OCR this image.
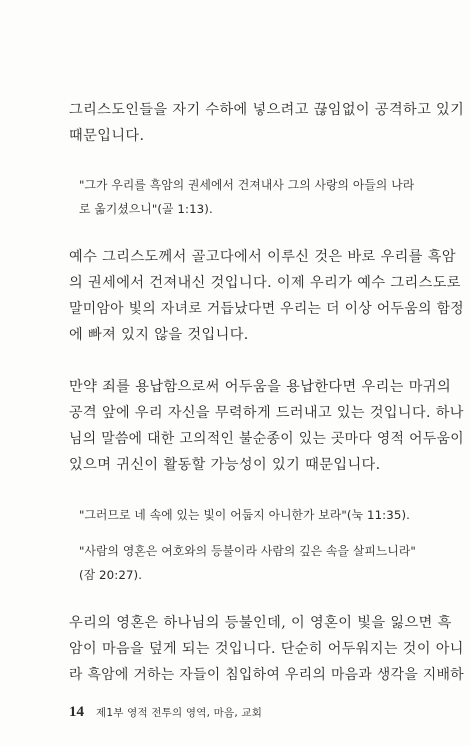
그리스도인들을 자기 수하에 넣으려고 끊임없이 공격하고 있기
때문입니다.
"그가 우리를 흑암의 권세에서 건져내사 그의 사랑의 아들의 나라
로 옮기셨으니"(골 1:13).
예수 그리스도께서 골고다에서 이루신 것은 바로 우리를 흑암
의 권세에서 건져내신 것입니다. 이제 우리가 예수 그리스도로
말미암아 빛의 자녀로 거듭났다면 우리는 더 이상 어두움의 함정
에 빠져 있지 않을 것입니다.
만약 죄를 용납함으로써 어두움을 용납한다면 우리는 마귀의
공격 앞에 우리 자신을 무력하게 드러내고 있는 것입니다. 하나
님의 말씀에 대한 고의적인 불순종이 있는 곳마다 영적 어두움이
있으며 귀신이 활동할 가능성이 있기 때문입니다.
"그러므로 네 속에 있는 빛이 어둡지 아니한가 보라"(눅 11:35).
"사람의 영혼은 여호와의 등불이라 사람의 깊은 속을 살피느니라"
(잠 20:27).
우리의 영혼은 하나님의 등불인데, 이 영혼이 빛을 잃으면 흑
암이 마음을 덮게 되는 것입니다. 단순히 어두워지는 것이 아니
라 흑암에 거하는 자들이 침입하여 우리의 마음과 생각을 지배하
14 제1부 영적 전투의 영역, 마음, 교회
